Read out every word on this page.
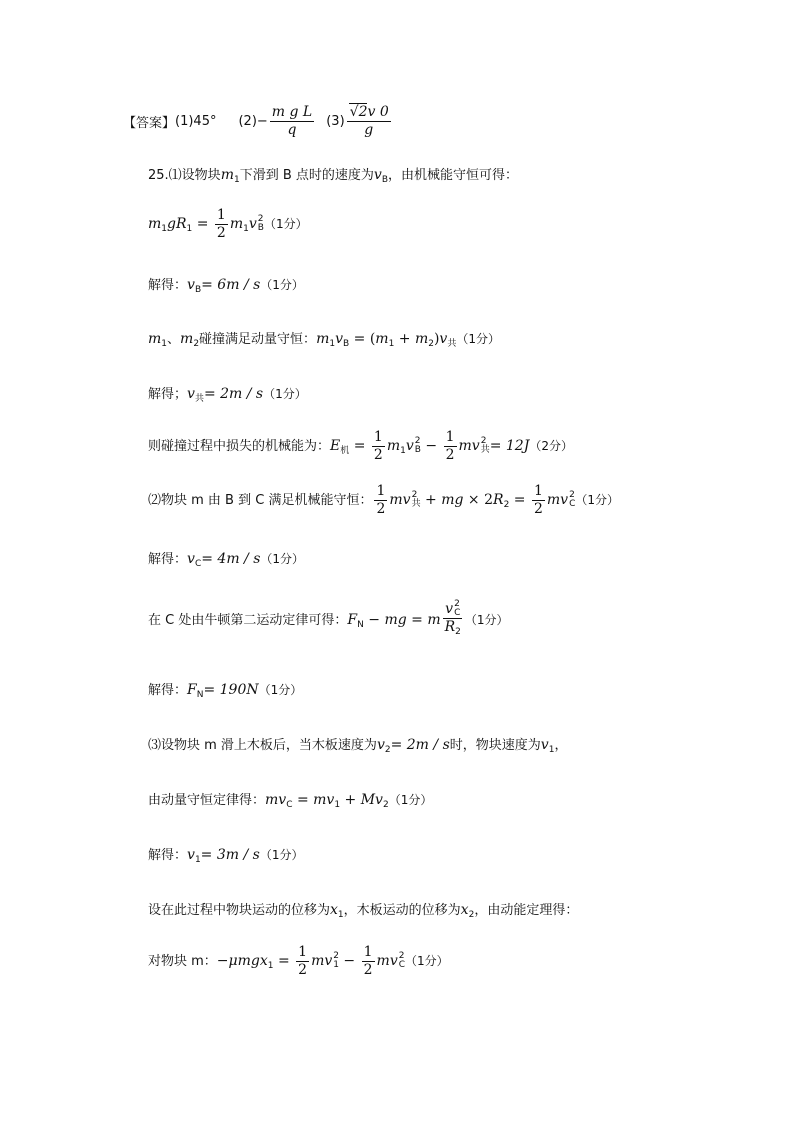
【答案】 (1)45° $(2)- \frac{\text{m g L}}{q} (3) \frac{√2v 0}{g}$
25.⑴设物块$m_1$下滑到 B 点时的速度为$v_B$，由机械能守恒可得：
$m_1gR_1 = \frac{1}{2} m_1v$ 2
B （1分）
解得：$v_B= 6m / s(1$分）
$m_1$、$m_2$碰撞满足动量守恒：$m_1v_B = (m_1 + m_2)v_共(1$分）
解得；$v_共= 2m / s(1$分）
则碰撞过程中损失的机械能为：$E_机 = \frac{1}{2} m_1v$ 2
$B - \frac{1}{2}$ mv 2
共 = 12J（2分）
⑵物块 m 由 B 到 C 满足机械能守恒： $\frac{1}{2}$ mv 2
共 + mg × $2R_2 = \frac{1}{2}$ mv 2
C （1分）
解得：$v_C= 4m / s(1$分）
在 C 处由牛顿第二运动定律可得：$F_N$ − mg = m v 2
C
$R_2$ （1分）
解得：$F_N= 190N(1$分）
⑶设物块 m 滑上木板后，当木板速度为$v_2= 2m / s$时，物块速度为$v_1$，
由动量守恒定律得：$mv_C = mv_1 + Mv_2(1$分）
解得：$v_1= 3m / s(1$分）
设在此过程中物块运动的位移为$x_1$，木板运动的位移为$x_2$，由动能定理得：
对物块 m：$-\mu mgx_1 = \frac{1}{2}$ mv 2
$1 - \frac{1}{2}$ mv 2
C （1分）
